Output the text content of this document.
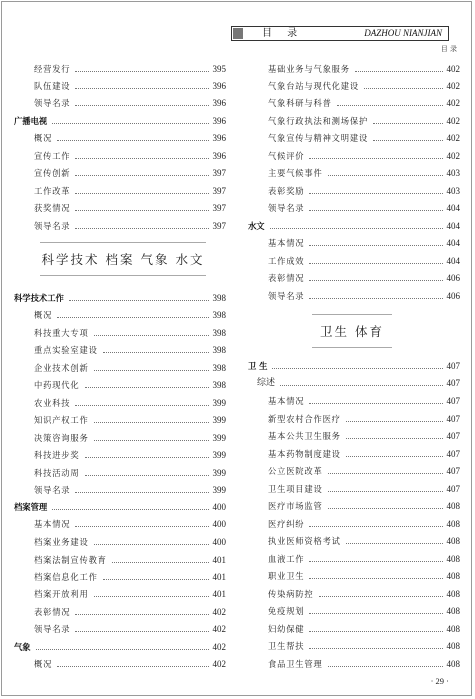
目 录	DAZHOU NIANJIAN
目 录
经营发行	395
队伍建设	396
领导名录	396
广播电视	396
概况	396
宣传工作	396
宣传创新	397
工作改革	397
获奖情况	397
领导名录	397
科学技术工作	398
概况	398
科技重大专项	398
重点实验室建设	398
企业技术创新	398
中药现代化	398
农业科技	399
知识产权工作	399
决策咨询服务	399
科技进步奖	399
科技活动周	399
领导名录	399
档案管理	400
基本情况	400
档案业务建设	400
档案法制宣传教育	401
档案信息化工作	401
档案开放利用	401
表彰情况	402
领导名录	402
气象	402
概况	402
基础业务与气象服务	402
气象台站与现代化建设	402
气象科研与科普	402
气象行政执法和测场保护	402
气象宣传与精神文明建设	402
气候评价	402
主要气候事件	403
表彰奖励	403
领导名录	404
水文	404
基本情况	404
工作成效	404
表彰情况	406
领导名录	406
卫 生	407
综述	407
基本情况	407
新型农村合作医疗	407
基本公共卫生服务	407
基本药物制度建设	407
公立医院改革	407
卫生项目建设	407
医疗市场监管	408
医疗纠纷	408
执业医师资格考试	408
血液工作	408
职业卫生	408
传染病防控	408
免疫规划	408
妇幼保健	408
卫生帮扶	408
食品卫生管理	408
科学技术 档案 气象 水文
卫生 体育
· 29 ·
